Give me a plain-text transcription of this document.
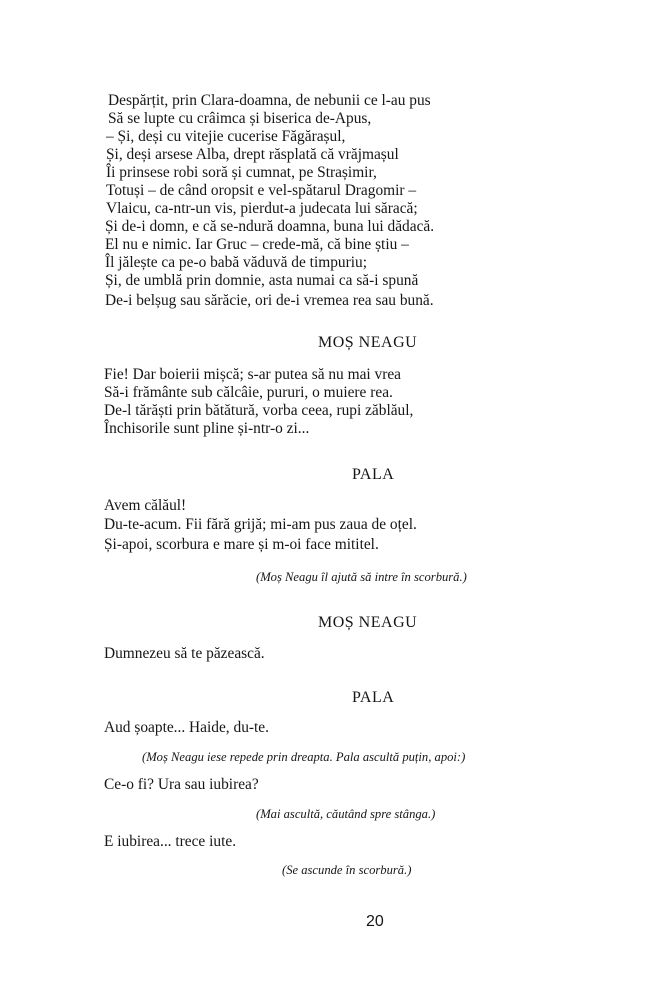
Despărțit, prin Clara-doamna, de nebunii ce l-au pus
Să se lupte cu crâimca și biserica de-Apus,
– Și, deși cu vitejie cucerise Făgărașul,
Și, deși arsese Alba, drept răsplată că vrăjmașul
Îi prinsese robi soră și cumnat, pe Strașimir,
Totuși – de când oropsit e vel-spătarul Dragomir –
Vlaicu, ca-ntr-un vis, pierdut-a judecata lui săracă;
Și de-i domn, e că se-ndură doamna, buna lui dădacă.
El nu e nimic. Iar Gruc – crede-mă, că bine știu –
Îl jălește ca pe-o babă văduvă de timpuriu;
Și, de umblă prin domnie, asta numai ca să-i spună
De-i belșug sau sărăcie, ori de-i vremea rea sau bună.
MOȘ NEAGU
Fie! Dar boierii mișcă; s-ar putea să nu mai vrea
Să-i frământe sub călcâie, pururi, o muiere rea.
De-l tărăști prin bătătură, vorba ceea, rupi zăblăul,
Închisorile sunt pline și-ntr-o zi...
PALA
Avem călăul!
Du-te-acum. Fii fără grijă; mi-am pus zaua de oțel.
Și-apoi, scorbura e mare și m-oi face mititel.
(Moș Neagu îl ajută să intre în scorbură.)
MOȘ NEAGU
Dumnezeu să te păzească.
PALA
Aud șoapte... Haide, du-te.
(Moș Neagu iese repede prin dreapta. Pala ascultă puțin, apoi:)
Ce-o fi? Ura sau iubirea?
(Mai ascultă, căutând spre stânga.)
E iubirea... trece iute.
(Se ascunde în scorbură.)
20
